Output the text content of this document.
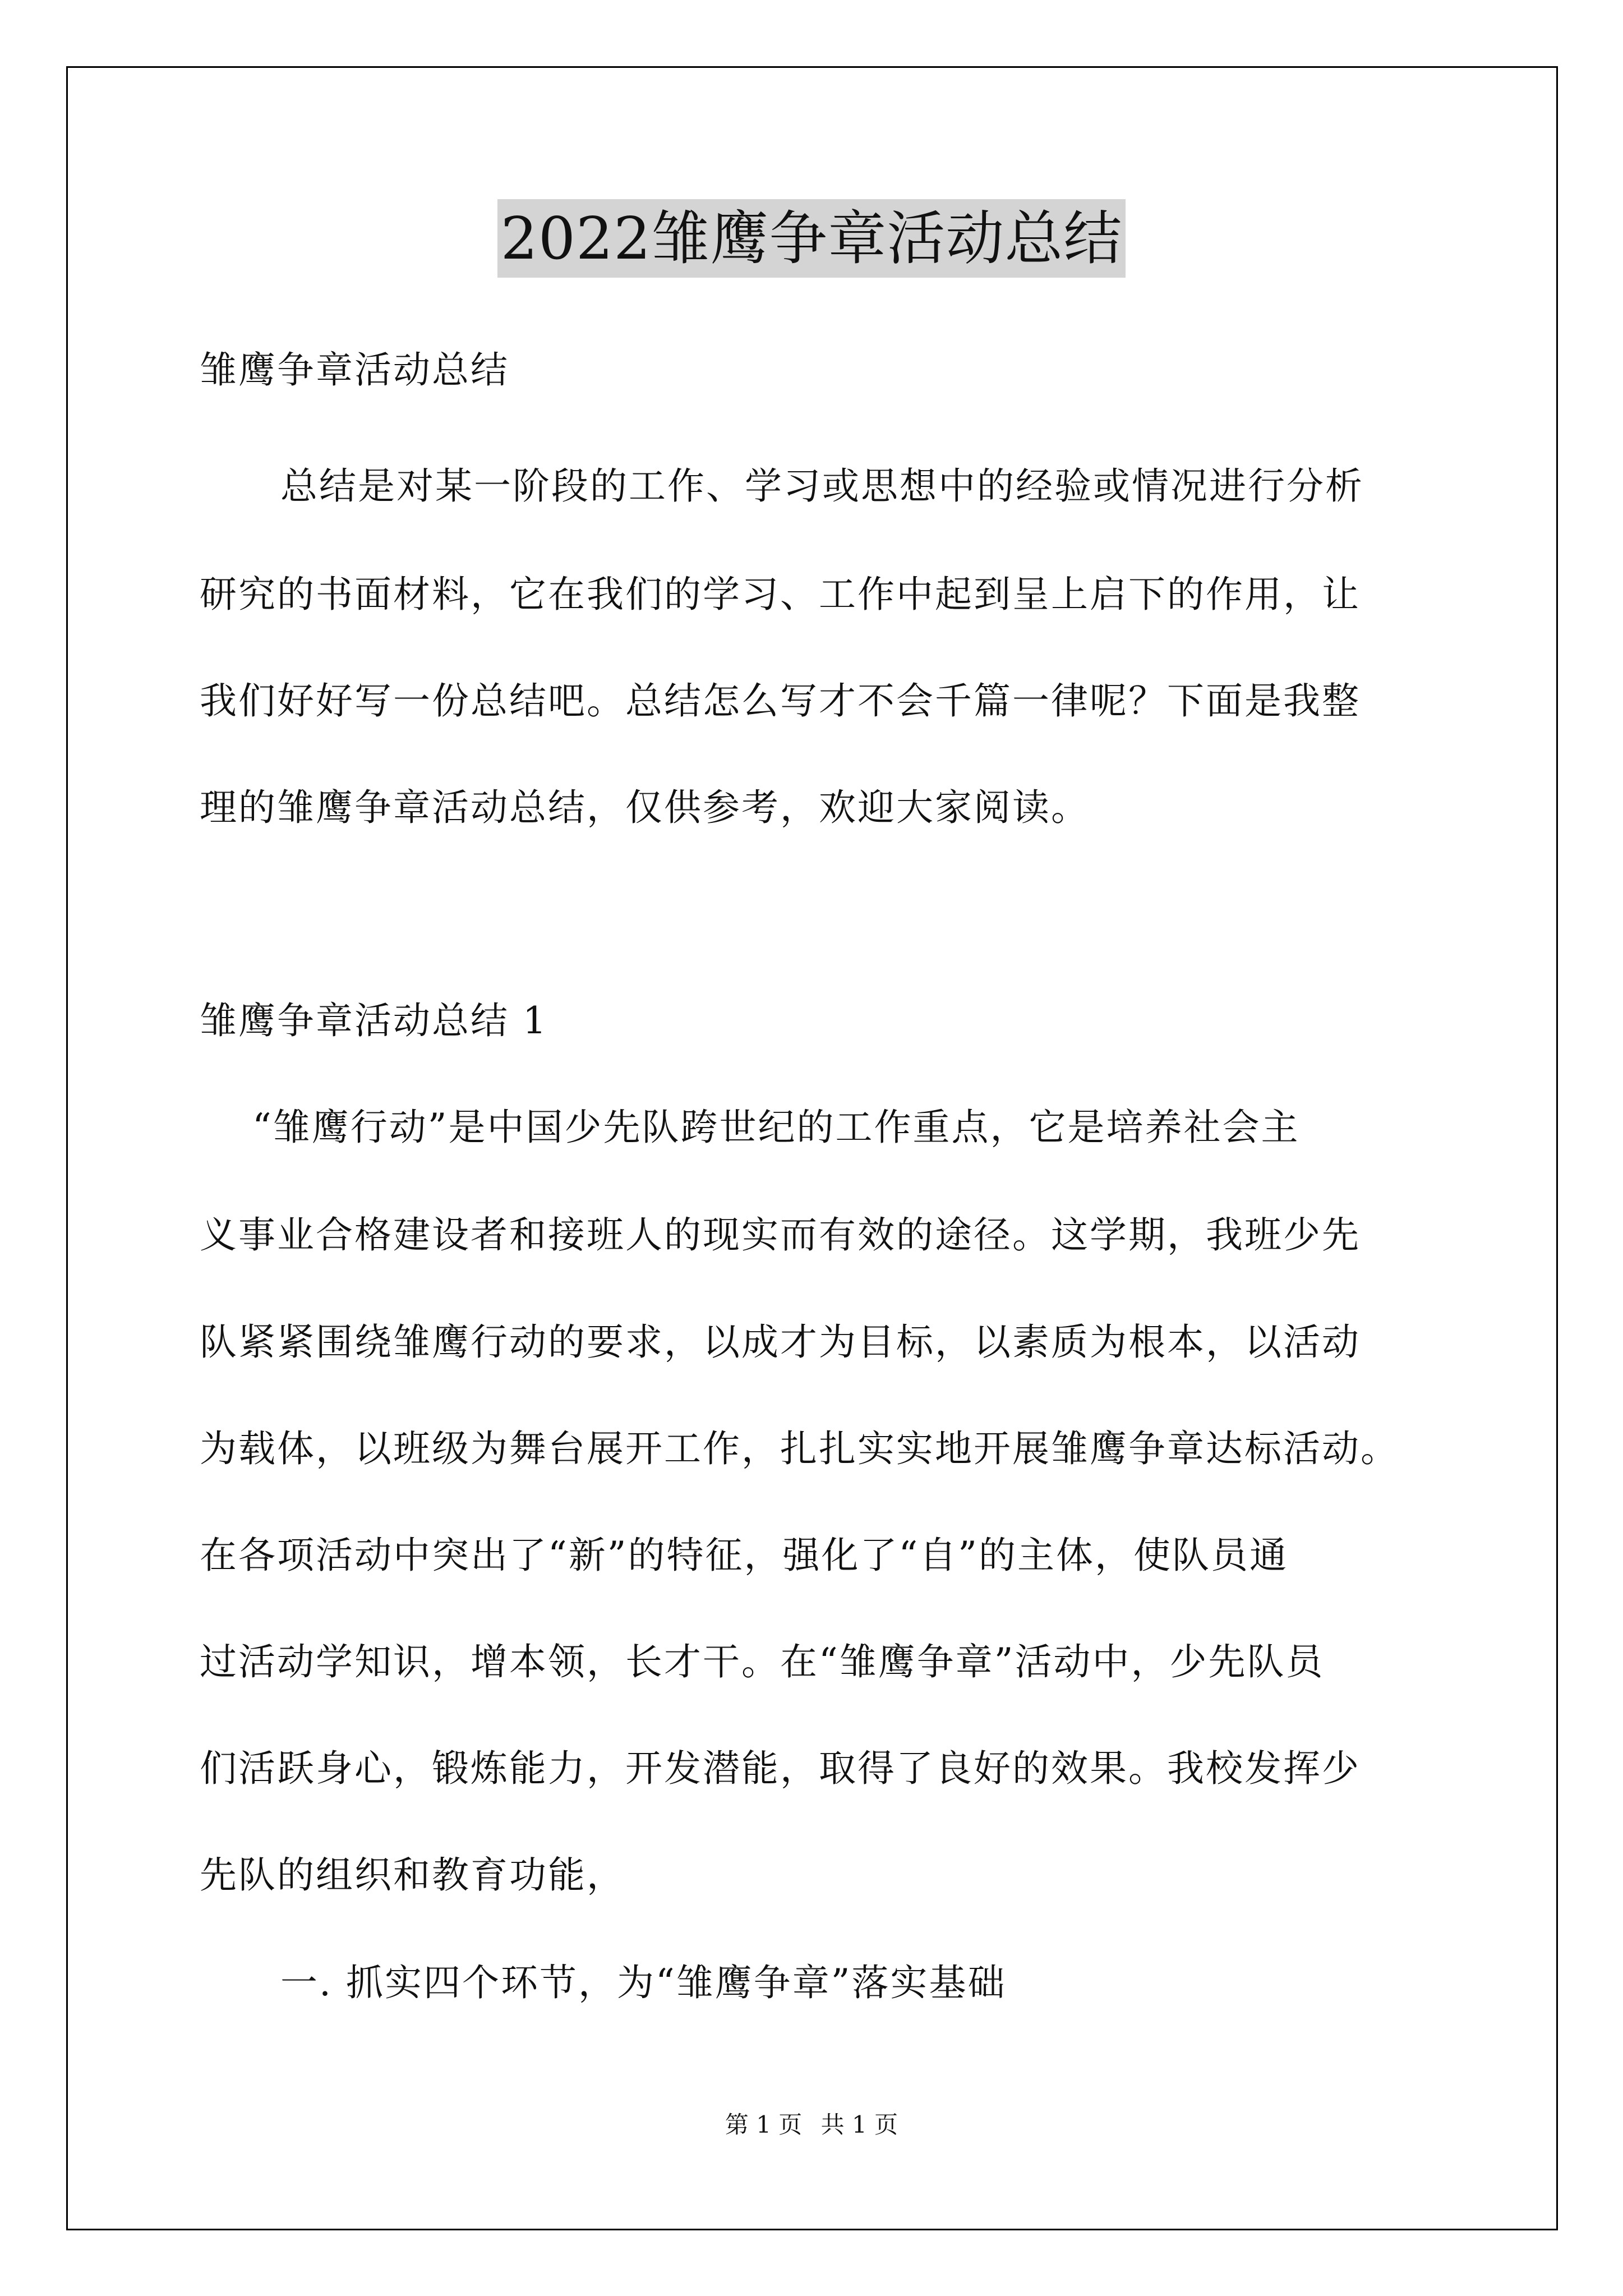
2022雏鹰争章活动总结
雏鹰争章活动总结
总结是对某一阶段的工作、学习或思想中的经验或情况进行分析
研究的书面材料，它在我们的学习、工作中起到呈上启下的作用，让
我们好好写一份总结吧。总结怎么写才不会千篇一律呢？下面是我整
理的雏鹰争章活动总结，仅供参考，欢迎大家阅读。
雏鹰争章活动总结 1
“雏鹰行动”是中国少先队跨世纪的工作重点，它是培养社会主
义事业合格建设者和接班人的现实而有效的途径。这学期，我班少先
队紧紧围绕雏鹰行动的要求，以成才为目标，以素质为根本，以活动
为载体，以班级为舞台展开工作，扎扎实实地开展雏鹰争章达标活动。
在各项活动中突出了“新”的特征，强化了“自”的主体，使队员通
过活动学知识，增本领，长才干。在“雏鹰争章”活动中，少先队员
们活跃身心，锻炼能力，开发潜能，取得了良好的效果。我校发挥少
先队的组织和教育功能，
一. 抓实四个环节，为“雏鹰争章”落实基础
第 1 页 共 1 页
